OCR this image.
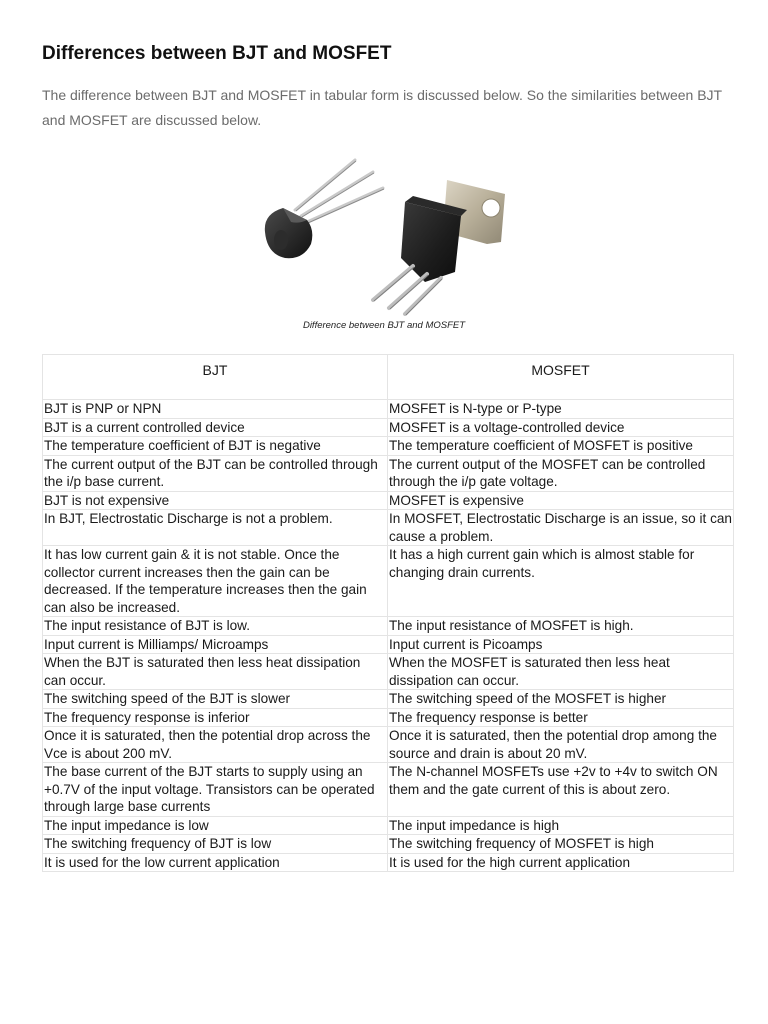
Differences between BJT and MOSFET

The difference between BJT and MOSFET in tabular form is discussed below. So the similarities between BJT and MOSFET are discussed below.

Difference between BJT and MOSFET
BJT	MOSFET
BJT is PNP or NPN	MOSFET is N-type or P-type
BJT is a current controlled device	MOSFET is a voltage-controlled device
The temperature coefficient of BJT is negative	The temperature coefficient of MOSFET is positive
The current output of the BJT can be controlled through the i/p base current.	The current output of the MOSFET can be controlled through the i/p gate voltage.
BJT is not expensive	MOSFET is expensive
In BJT, Electrostatic Discharge is not a problem.	In MOSFET, Electrostatic Discharge is an issue, so it can cause a problem.
It has low current gain & it is not stable. Once the collector current increases then the gain can be decreased. If the temperature increases then the gain can also be increased.	It has a high current gain which is almost stable for changing drain currents.
The input resistance of BJT is low.	The input resistance of MOSFET is high.
Input current is Milliamps/ Microamps	Input current is Picoamps
When the BJT is saturated then less heat dissipation can occur.	When the MOSFET is saturated then less heat dissipation can occur.
The switching speed of the BJT is slower	The switching speed of the MOSFET is higher
The frequency response is inferior	The frequency response is better
Once it is saturated, then the potential drop across the Vce is about 200 mV.	Once it is saturated, then the potential drop among the source and drain is about 20 mV.
The base current of the BJT starts to supply using an +0.7V of the input voltage. Transistors can be operated through large base currents	The N-channel MOSFETs use +2v to +4v to switch ON them and the gate current of this is about zero.
The input impedance is low	The input impedance is high
The switching frequency of BJT is low	The switching frequency of MOSFET is high
It is used for the low current application	It is used for the high current application
